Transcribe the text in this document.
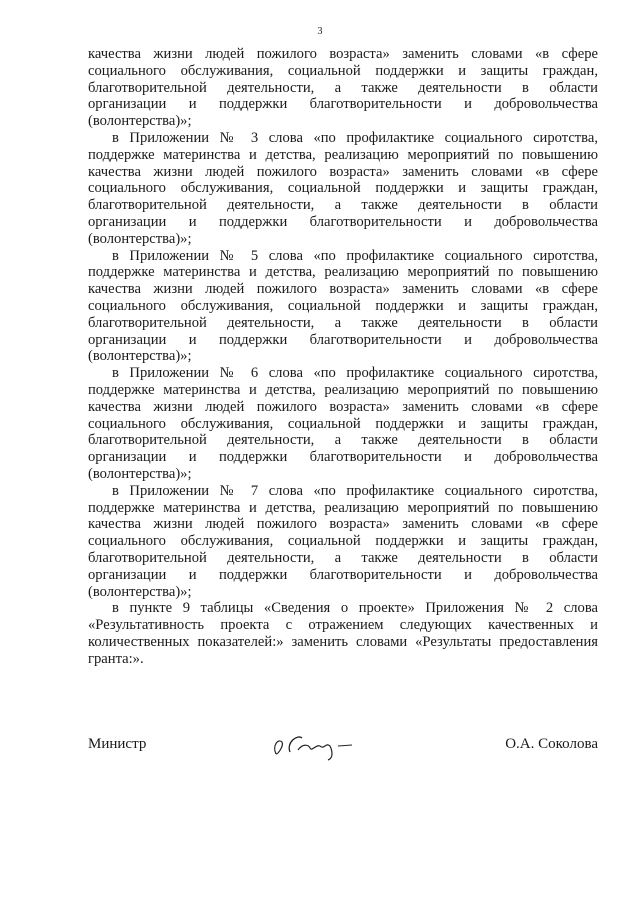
3
качества жизни людей пожилого возраста» заменить словами «в сфере
социального обслуживания, социальной поддержки и защиты граждан,
благотворительной деятельности, а также деятельности в области
организации и поддержки благотворительности и добровольчества
(волонтерства)»;
в Приложении № 3 слова «по профилактике социального сиротства,
поддержке материнства и детства, реализацию мероприятий по повышению
качества жизни людей пожилого возраста» заменить словами «в сфере
социального обслуживания, социальной поддержки и защиты граждан,
благотворительной деятельности, а также деятельности в области
организации и поддержки благотворительности и добровольчества
(волонтерства)»;
в Приложении № 5 слова «по профилактике социального сиротства,
поддержке материнства и детства, реализацию мероприятий по повышению
качества жизни людей пожилого возраста» заменить словами «в сфере
социального обслуживания, социальной поддержки и защиты граждан,
благотворительной деятельности, а также деятельности в области
организации и поддержки благотворительности и добровольчества
(волонтерства)»;
в Приложении № 6 слова «по профилактике социального сиротства,
поддержке материнства и детства, реализацию мероприятий по повышению
качества жизни людей пожилого возраста» заменить словами «в сфере
социального обслуживания, социальной поддержки и защиты граждан,
благотворительной деятельности, а также деятельности в области
организации и поддержки благотворительности и добровольчества
(волонтерства)»;
в Приложении № 7 слова «по профилактике социального сиротства,
поддержке материнства и детства, реализацию мероприятий по повышению
качества жизни людей пожилого возраста» заменить словами «в сфере
социального обслуживания, социальной поддержки и защиты граждан,
благотворительной деятельности, а также деятельности в области
организации и поддержки благотворительности и добровольчества
(волонтерства)»;
в пункте 9 таблицы «Сведения о проекте» Приложения № 2 слова
«Результативность проекта с отражением следующих качественных и
количественных показателей:» заменить словами «Результаты предоставления
гранта:».
Министр	О.А. Соколова
